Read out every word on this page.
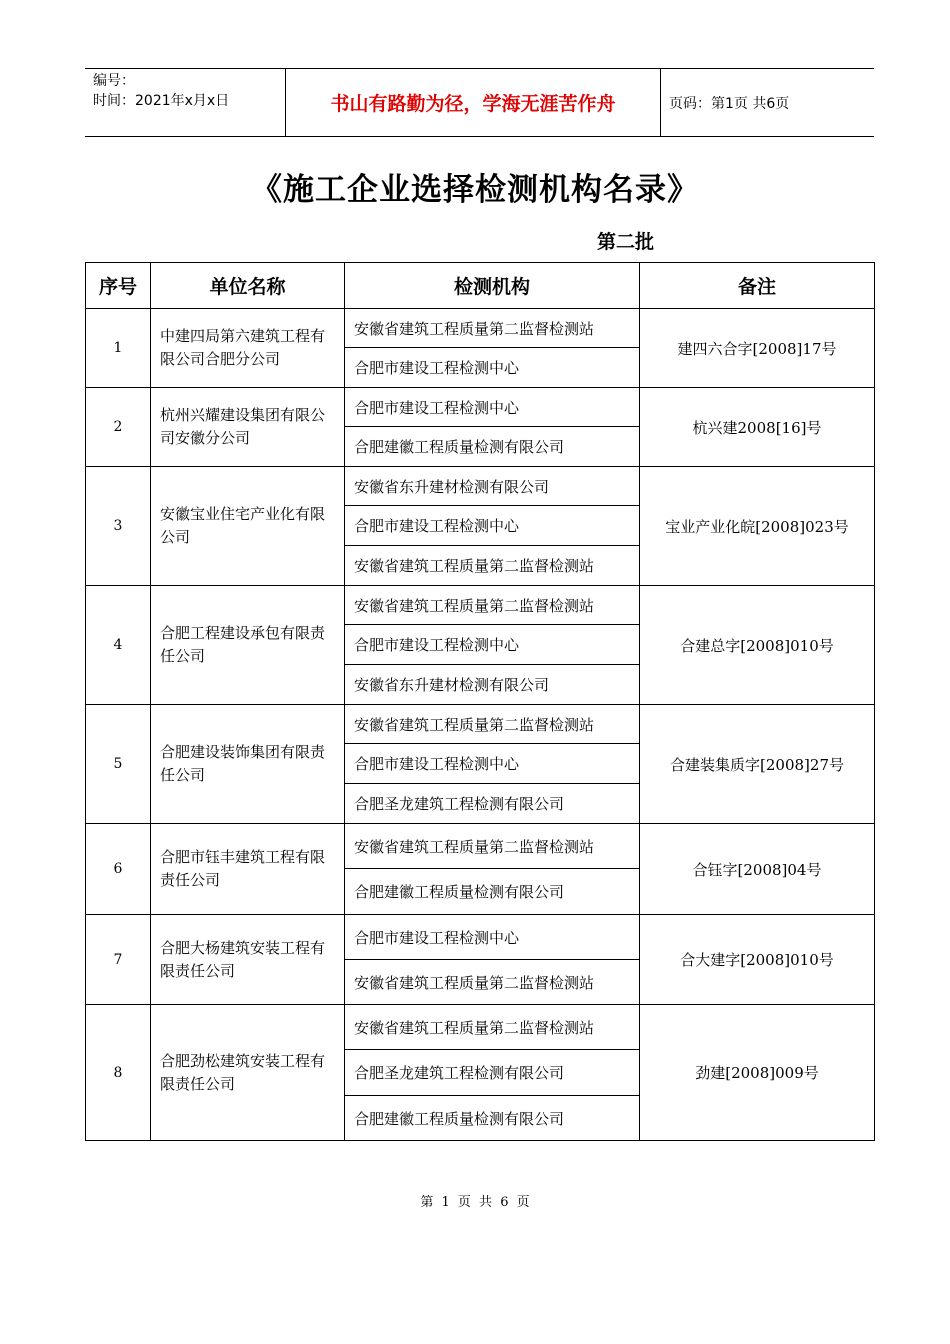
编号：
时间：2021年x月x日	书山有路勤为径，学海无涯苦作舟	页码：第1页 共6页
《施工企业选择检测机构名录》
第二批
序号	单位名称	检测机构	备注
1	中建四局第六建筑工程有限公司合肥分公司	安徽省建筑工程质量第二监督检测站	建四六合字[2008]17号
		合肥市建设工程检测中心	
2	杭州兴耀建设集团有限公司安徽分公司	合肥市建设工程检测中心	杭兴建2008[16]号
		合肥建徽工程质量检测有限公司	
3	安徽宝业住宅产业化有限公司	安徽省东升建材检测有限公司	宝业产业化皖[2008]023号
		合肥市建设工程检测中心	
		安徽省建筑工程质量第二监督检测站	
4	合肥工程建设承包有限责任公司	安徽省建筑工程质量第二监督检测站	合建总字[2008]010号
		合肥市建设工程检测中心	
		安徽省东升建材检测有限公司	
5	合肥建设装饰集团有限责任公司	安徽省建筑工程质量第二监督检测站	合建装集质字[2008]27号
		合肥市建设工程检测中心	
		合肥圣龙建筑工程检测有限公司	
6	合肥市钰丰建筑工程有限责任公司	安徽省建筑工程质量第二监督检测站	合钰字[2008]04号
		合肥建徽工程质量检测有限公司	
7	合肥大杨建筑安装工程有限责任公司	合肥市建设工程检测中心	合大建字[2008]010号
		安徽省建筑工程质量第二监督检测站	
8	合肥劲松建筑安装工程有限责任公司	安徽省建筑工程质量第二监督检测站	劲建[2008]009号
		合肥圣龙建筑工程检测有限公司	
		合肥建徽工程质量检测有限公司	
第 1 页 共 6 页
